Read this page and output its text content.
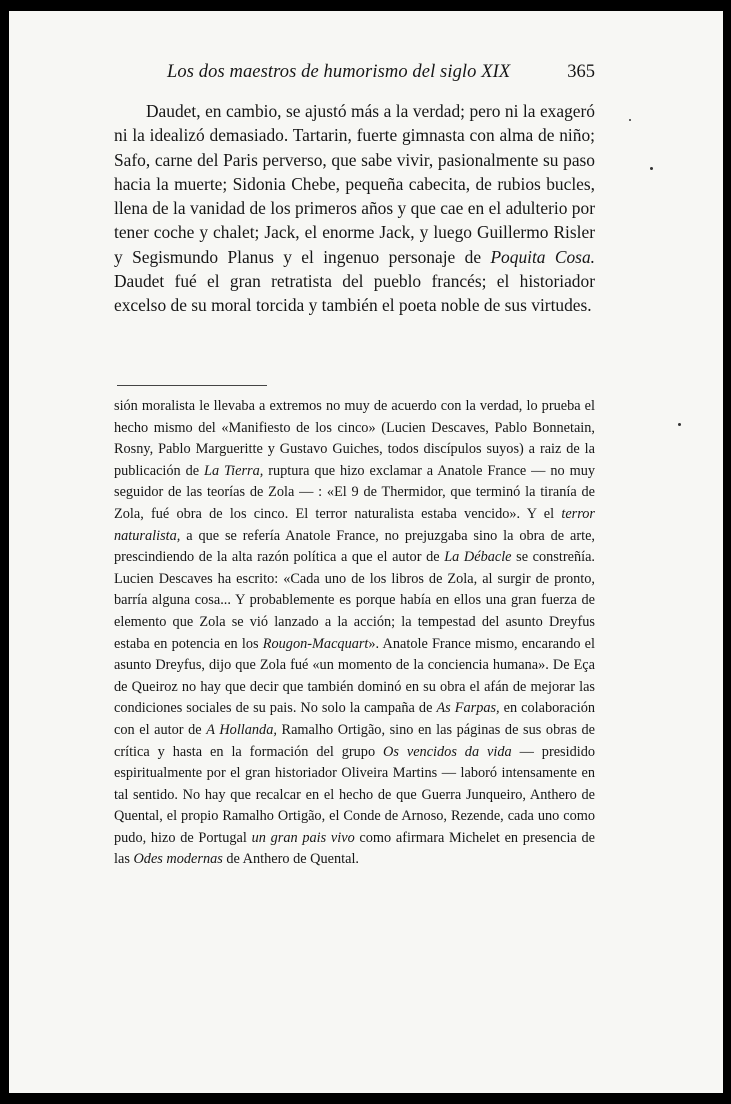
Los dos maestros de humorismo del siglo XIX	365

Daudet, en cambio, se ajustó más a la verdad; pero ni la exageró ni la idealizó demasiado. Tartarin, fuerte gimnasta con alma de niño; Safo, carne del Paris perverso, que sabe vivir, pasionalmente su paso hacia la muerte; Sidonia Chebe, pequeña cabecita, de rubios bucles, llena de la vanidad de los primeros años y que cae en el adulterio por tener coche y chalet; Jack, el enorme Jack, y luego Guillermo Risler y Segismundo Planus y el ingenuo personaje de Poquita Cosa. Daudet fué el gran retratista del pueblo francés; el historiador excelso de su moral torcida y también el poeta noble de sus virtudes.

sión moralista le llevaba a extremos no muy de acuerdo con la verdad, lo prueba el hecho mismo del «Manifiesto de los cinco» (Lucien Descaves, Pablo Bonnetain, Rosny, Pablo Margueritte y Gustavo Guiches, todos discípulos suyos) a raiz de la publicación de La Tierra, ruptura que hizo exclamar a Anatole France — no muy seguidor de las teorías de Zola — : «El 9 de Thermidor, que terminó la tiranía de Zola, fué obra de los cinco. El terror naturalista estaba vencido». Y el terror naturalista, a que se refería Anatole France, no prejuzgaba sino la obra de arte, prescindiendo de la alta razón política a que el autor de La Débacle se constreñía. Lucien Descaves ha escrito: «Cada uno de los libros de Zola, al surgir de pronto, barría alguna cosa... Y probablemente es porque había en ellos una gran fuerza de elemento que Zola se vió lanzado a la acción; la tempestad del asunto Dreyfus estaba en potencia en los Rougon-Macquart». Anatole France mismo, encarando el asunto Dreyfus, dijo que Zola fué «un momento de la conciencia humana». De Eça de Queiroz no hay que decir que también dominó en su obra el afán de mejorar las condiciones sociales de su pais. No solo la campaña de As Farpas, en colaboración con el autor de A Hollanda, Ramalho Ortigão, sino en las páginas de sus obras de crítica y hasta en la formación del grupo Os vencidos da vida — presidido espiritualmente por el gran historiador Oliveira Martins — laboró intensamente en tal sentido. No hay que recalcar en el hecho de que Guerra Junqueiro, Anthero de Quental, el propio Ramalho Ortigão, el Conde de Arnoso, Rezende, cada uno como pudo, hizo de Portugal un gran pais vivo como afirmara Michelet en presencia de las Odes modernas de Anthero de Quental.
